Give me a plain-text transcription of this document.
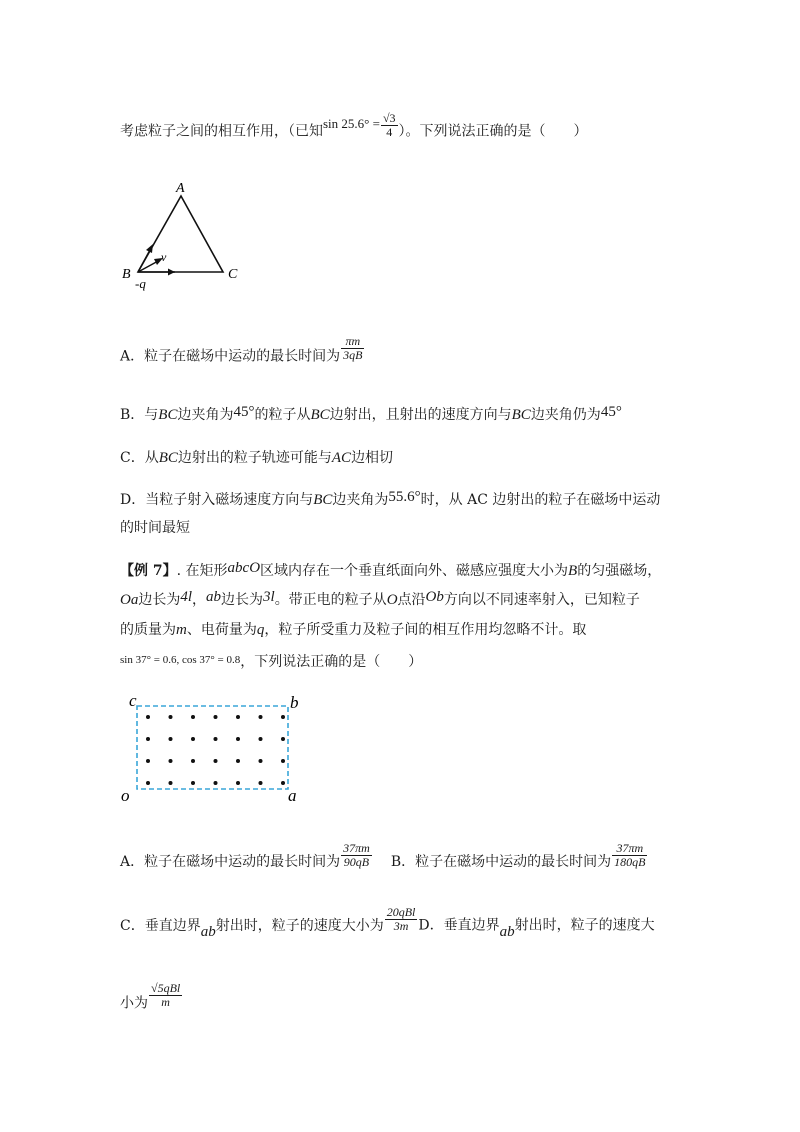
考虑粒子之间的相互作用，（已知$\sin 25.6^\circ = \frac{√3}{4}$ ）。下列说法正确的是（　　）
A
B	C
v
-q
A．粒子在磁场中运动的最长时间为 $\frac{\pi m}{3qB}$
B．与BC边夹角为45°的粒子从BC边射出，且射出的速度方向与BC边夹角仍为45°
C．从BC边射出的粒子轨迹可能与AC边相切
D．当粒子射入磁场速度方向与BC边夹角为55.6°时，从 AC 边射出的粒子在磁场中运动
的时间最短
【例 7】. 在矩形abcO区域内存在一个垂直纸面向外、磁感应强度大小为B的匀强磁场，
Oa边长为4l，ab边长为3l。带正电的粒子从O点沿Ob方向以不同速率射入，已知粒子
的质量为m、电荷量为q，粒子所受重力及粒子间的相互作用均忽略不计。取
$^{sin 37^\circ = 0.6, cos 37^\circ = 0.8}$，下列说法正确的是（　　）
c	b
o	a
A．粒子在磁场中运动的最长时间为 $\frac{37\pi m}{90qB}$ B．粒子在磁场中运动的最长时间为 $\frac{37\pi m}{180qB}$
C．垂直边界ab射出时，粒子的速度大小为 $\frac{\text{20qBl}}{3m}$ D．垂直边界ab射出时，粒子的速度大
小为 $\frac{\text{√5qBl}}{m}$
